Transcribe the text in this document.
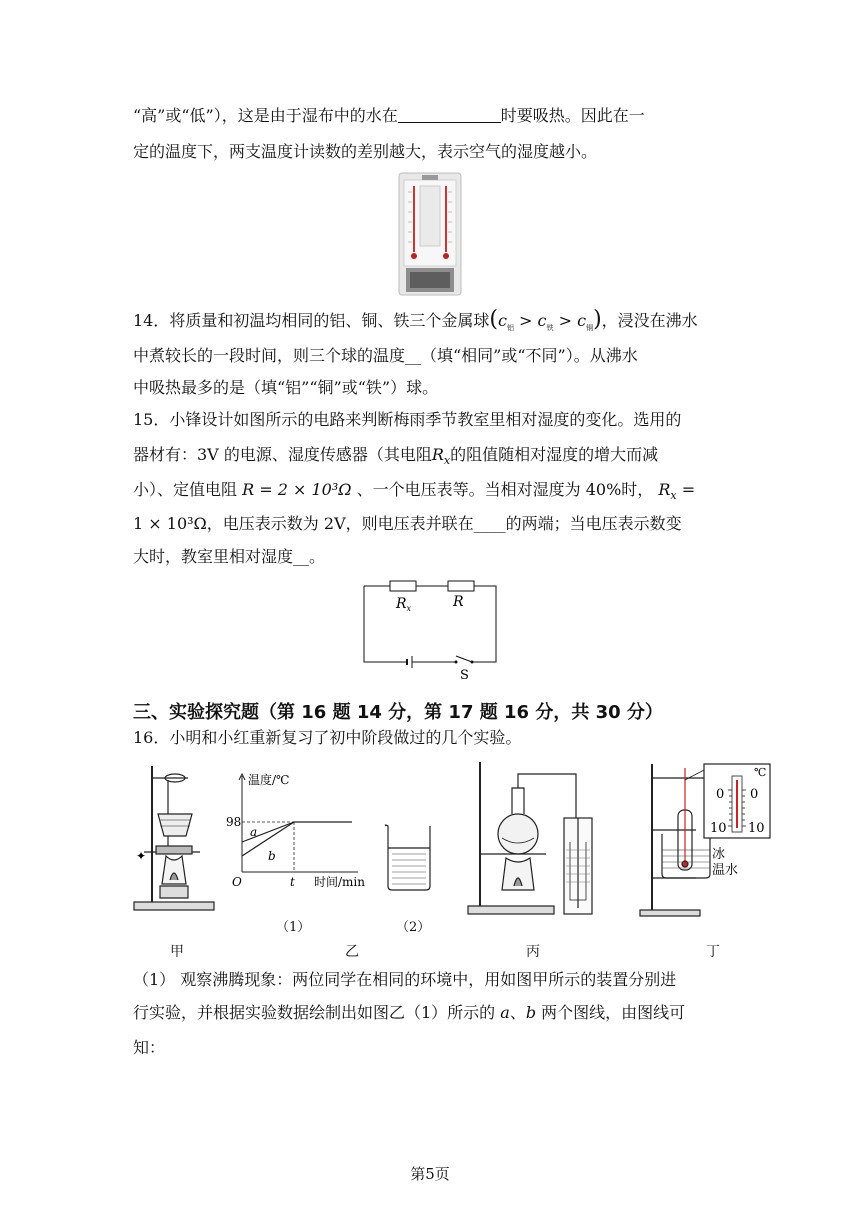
“高”或“低”），这是由于湿布中的水在	时要吸热。因此在一
定的温度下，两支温度计读数的差别越大，表示空气的湿度越小。
14．将质量和初温均相同的铝、铜、铁三个金属球$(c_铝 > c_铁 > c_铜)$，浸没在沸水
中煮较长的一段时间，则三个球的温度__（填“相同”或“不同”）。从沸水
中吸热最多的是（填“铝”“铜”或“铁”）球。
15．小锋设计如图所示的电路来判断梅雨季节教室里相对湿度的变化。选用的
器材有：3V 的电源、湿度传感器（其电阻$R_x$的阻值随相对湿度的增大而减
小）、定值电阻 R = 2 × 10³Ω 、一个电压表等。当相对湿度为 40%时， $R_x$ =
1 × 10³Ω，电压表示数为 2V，则电压表并联在____的两端；当电压表示数变
大时，教室里相对湿度__。
$R_x$	R
S
三、实验探究题（第 16 题 14 分，第 17 题 16 分，共 30 分）
16．小明和小红重新复习了初中阶段做过的几个实验。
✦
温度/℃
98
a
b
O	t 时间/min
（1）	（2）
℃
0 0
10 10
冰
温水
甲	乙	丙	丁
（1） 观察沸腾现象：两位同学在相同的环境中，用如图甲所示的装置分别进
行实验，并根据实验数据绘制出如图乙（1）所示的 a、b 两个图线，由图线可
知：
第5页
